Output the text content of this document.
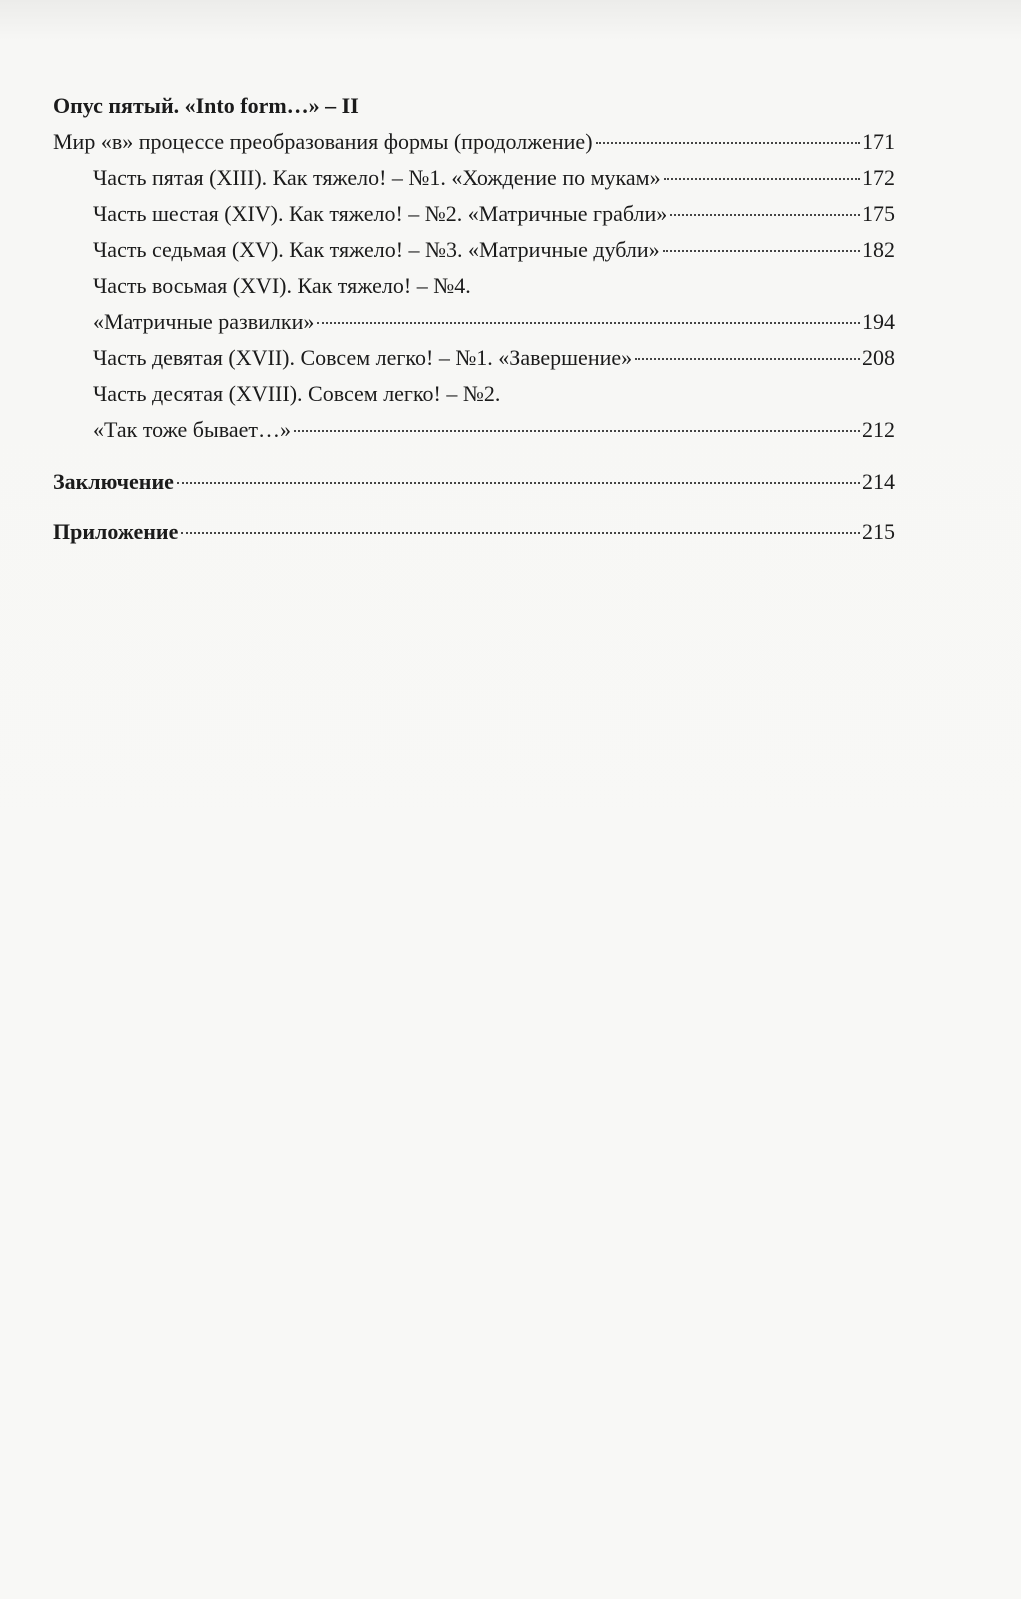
Опус пятый. «Into form…» – II
Мир «в» процессе преобразования формы (продолжение)	171
Часть пятая (XIII). Как тяжело! – №1. «Хождение по мукам»	172
Часть шестая (XIV). Как тяжело! – №2. «Матричные грабли»	175
Часть седьмая (XV). Как тяжело! – №3. «Матричные дубли»	182
Часть восьмая (XVI). Как тяжело! – №4.
«Матричные развилки»	194
Часть девятая (XVII). Совсем легко! – №1. «Завершение»	208
Часть десятая (XVIII). Совсем легко! – №2.
«Так тоже бывает…»	212
Заключение	214
Приложение	215
